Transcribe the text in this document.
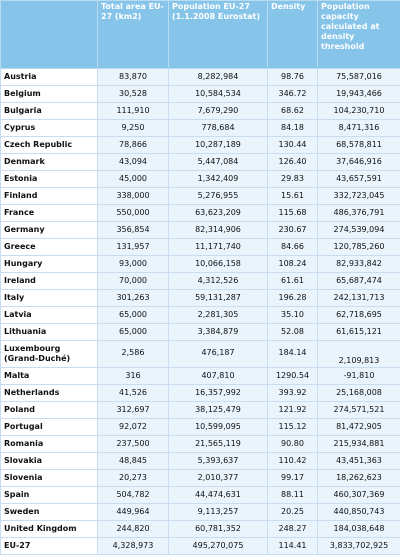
	Total area EU-27 (km2)	Population EU-27 (1.1.2008 Eurostat)	Density	Population capacity calculated at density threshold
Austria	83,870	8,282,984	98.76	75,587,016
Belgium	30,528	10,584,534	346.72	19,943,466
Bulgaria	111,910	7,679,290	68.62	104,230,710
Cyprus	9,250	778,684	84.18	8,471,316
Czech Republic	78,866	10,287,189	130.44	68,578,811
Denmark	43,094	5,447,084	126.40	37,646,916
Estonia	45,000	1,342,409	29.83	43,657,591
Finland	338,000	5,276,955	15.61	332,723,045
France	550,000	63,623,209	115.68	486,376,791
Germany	356,854	82,314,906	230.67	274,539,094
Greece	131,957	11,171,740	84.66	120,785,260
Hungary	93,000	10,066,158	108.24	82,933,842
Ireland	70,000	4,312,526	61.61	65,687,474
Italy	301,263	59,131,287	196.28	242,131,713
Latvia	65,000	2,281,305	35.10	62,718,695
Lithuania	65,000	3,384,879	52.08	61,615,121
Luxembourg (Grand-Duché)	2,586	476,187	184.14	2,109,813
Malta	316	407,810	1290.54	-91,810
Netherlands	41,526	16,357,992	393.92	25,168,008
Poland	312,697	38,125,479	121.92	274,571,521
Portugal	92,072	10,599,095	115.12	81,472,905
Romania	237,500	21,565,119	90.80	215,934,881
Slovakia	48,845	5,393,637	110.42	43,451,363
Slovenia	20,273	2,010,377	99.17	18,262,623
Spain	504,782	44,474,631	88.11	460,307,369
Sweden	449,964	9,113,257	20.25	440,850,743
United Kingdom	244,820	60,781,352	248.27	184,038,648
EU-27	4,328,973	495,270,075	114.41	3,833,702,925
